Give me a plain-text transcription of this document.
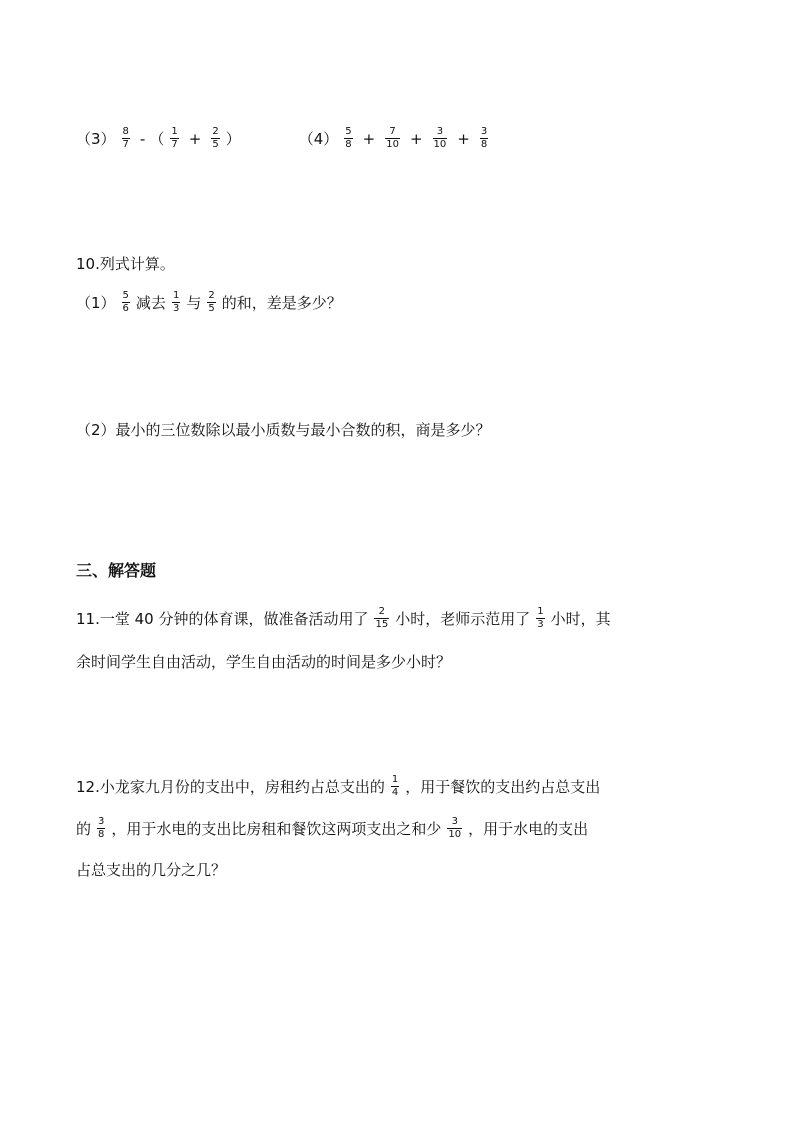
$(3) \frac{8}{7}$ - （ $\frac{1}{7} + \frac{2}{5}$ ）	$(4) \frac{5}{8} + \frac{7}{10} + \frac{3}{10} + \frac{3}{8}$
10.列式计算。
$(1) \frac{5}{6}$ 减去 $\frac{1}{3}$ 与 $\frac{2}{5}$ 的和，差是多少？
（2）最小的三位数除以最小质数与最小合数的积，商是多少？
三、解答题
11.一堂 40 分钟的体育课，做准备活动用了 $\frac{2}{15}$ 小时，老师示范用了 $\frac{1}{3}$ 小时，其
余时间学生自由活动，学生自由活动的时间是多少小时？
12.小龙家九月份的支出中，房租约占总支出的 $\frac{1}{4}$ ，用于餐饮的支出约占总支出
的 $\frac{3}{8}$ ，用于水电的支出比房租和餐饮这两项支出之和少 $\frac{3}{10}$ ，用于水电的支出
占总支出的几分之几？
